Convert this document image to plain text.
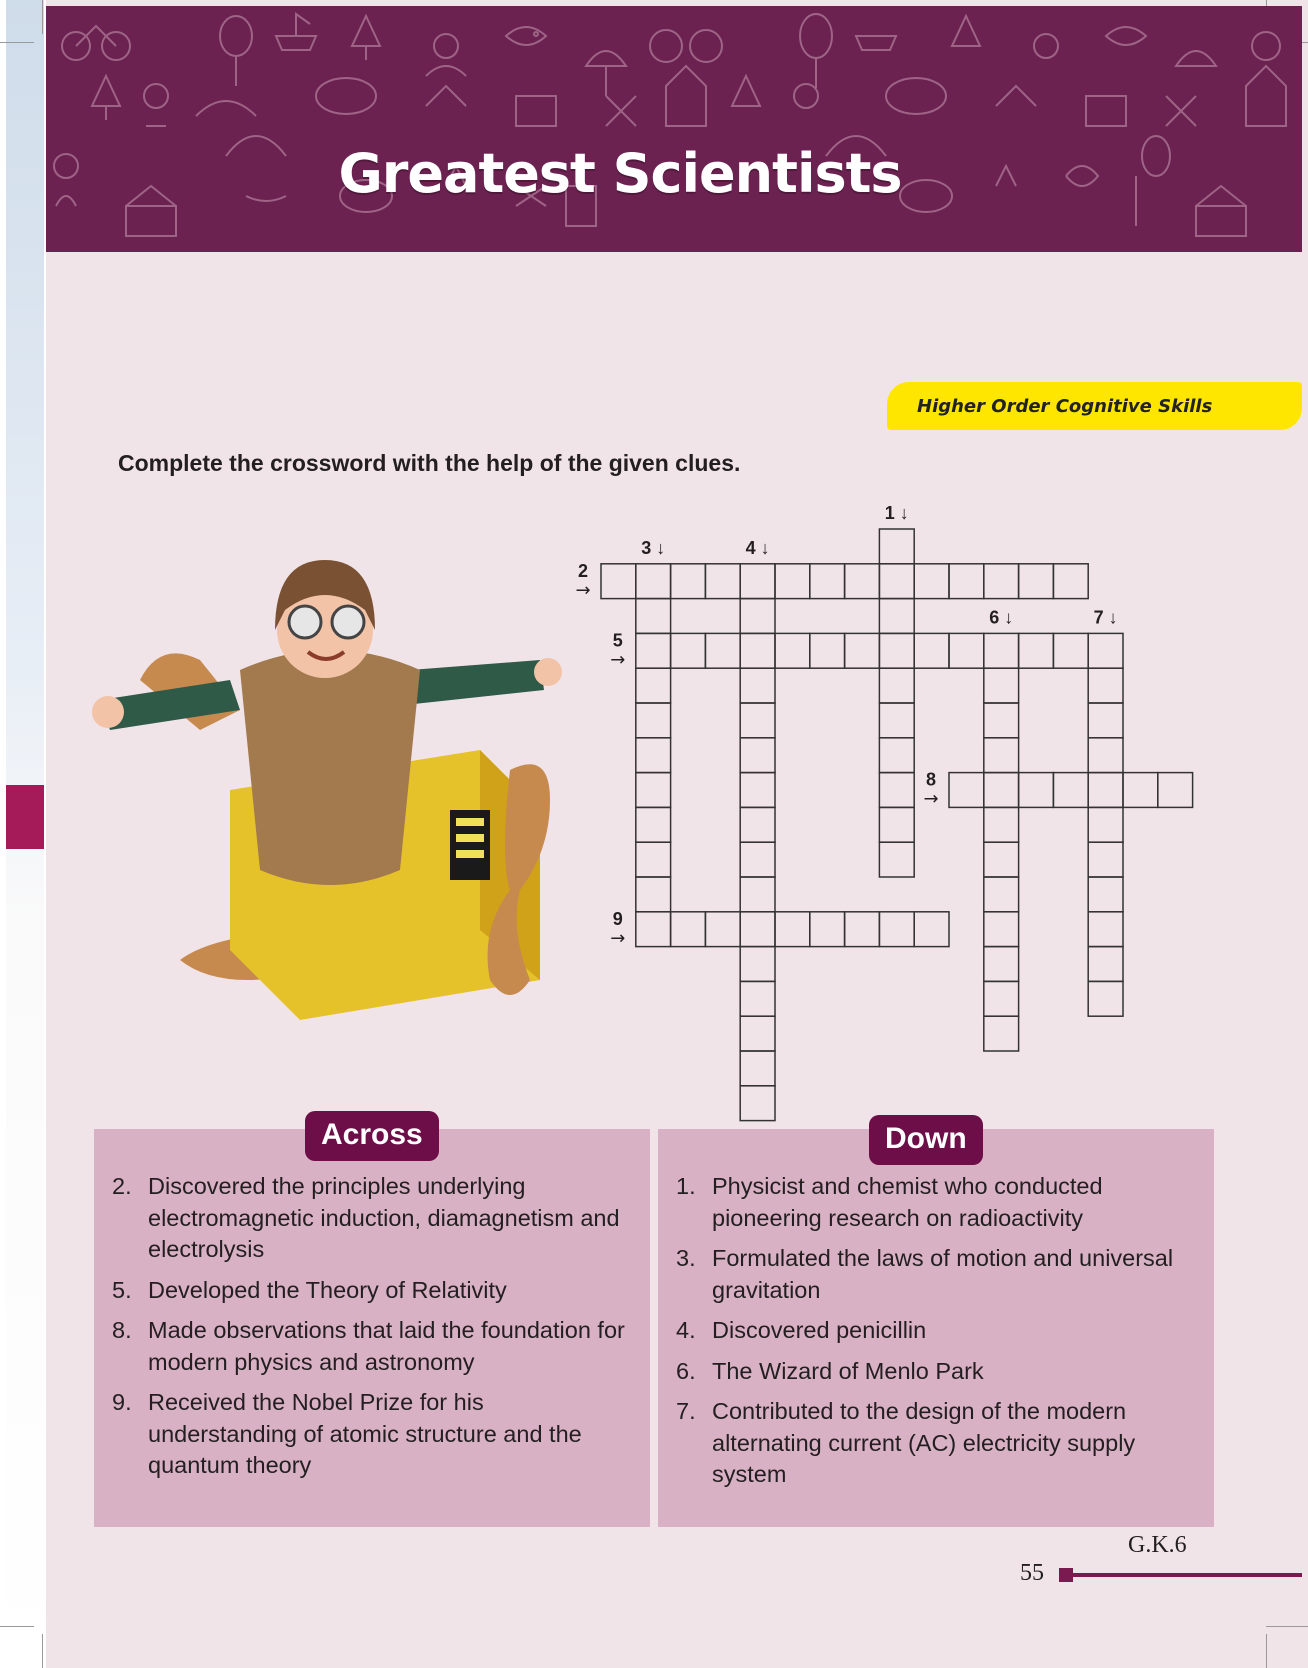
Greatest Scientists
Higher Order Cognitive Skills
Complete the crossword with the help of the given clues.
1 ↓
2
→
3 ↓	4 ↓
5
→
6 ↓	7 ↓
8
→
9
→
Across
2. Discovered the principles underlying electromagnetic induction, diamagnetism and electrolysis
5. Developed the Theory of Relativity
8. Made observations that laid the foundation for modern physics and astronomy
9. Received the Nobel Prize for his understanding of atomic structure and the quantum theory
Down
1. Physicist and chemist who conducted pioneering research on radioactivity
3. Formulated the laws of motion and universal gravitation
4. Discovered penicillin
6. The Wizard of Menlo Park
7. Contributed to the design of the modern alternating current (AC) electricity supply system
G.K.6
55
